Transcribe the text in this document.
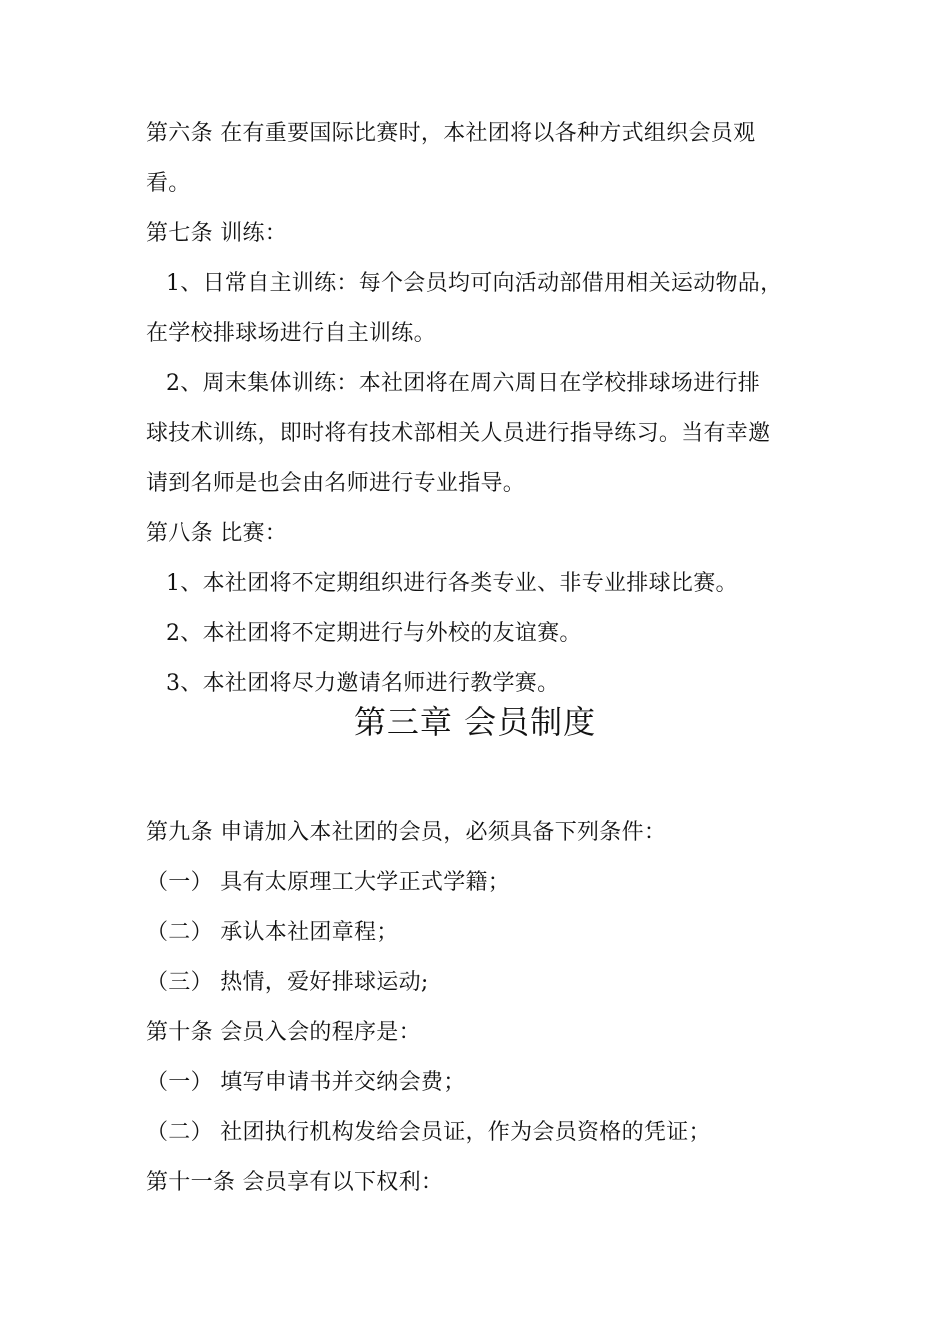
第六条 在有重要国际比赛时，本社团将以各种方式组织会员观
看。
第七条 训练：
1、日常自主训练：每个会员均可向活动部借用相关运动物品，
在学校排球场进行自主训练。
2、周末集体训练：本社团将在周六周日在学校排球场进行排
球技术训练，即时将有技术部相关人员进行指导练习。当有幸邀
请到名师是也会由名师进行专业指导。
第八条 比赛：
1、本社团将不定期组织进行各类专业、非专业排球比赛。
2、本社团将不定期进行与外校的友谊赛。
3、本社团将尽力邀请名师进行教学赛。
第三章 会员制度
第九条 申请加入本社团的会员，必须具备下列条件：
（一） 具有太原理工大学正式学籍；
（二） 承认本社团章程；
（三） 热情，爱好排球运动;
第十条 会员入会的程序是：
（一） 填写申请书并交纳会费；
（二） 社团执行机构发给会员证，作为会员资格的凭证；
第十一条 会员享有以下权利：
